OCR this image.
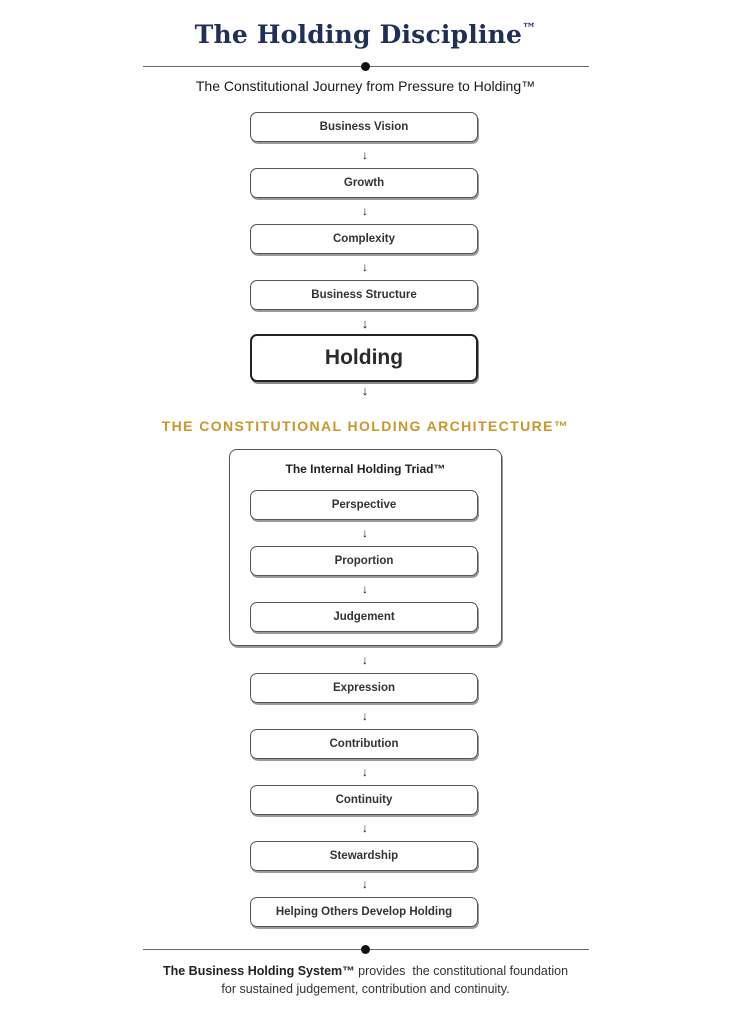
The Holding Discipline™
The Constitutional Journey from Pressure to Holding™
Business Vision
↓
Growth
↓
Complexity
↓
Business Structure
↓
Holding
↓
THE CONSTITUTIONAL HOLDING ARCHITECTURE™
The Internal Holding Triad™
Perspective
↓
Proportion
↓
Judgement
↓
Expression
↓
Contribution
↓
Continuity
↓
Stewardship
↓
Helping Others Develop Holding
The Business Holding System™ provides  the constitutional foundation
for sustained judgement, contribution and continuity.
